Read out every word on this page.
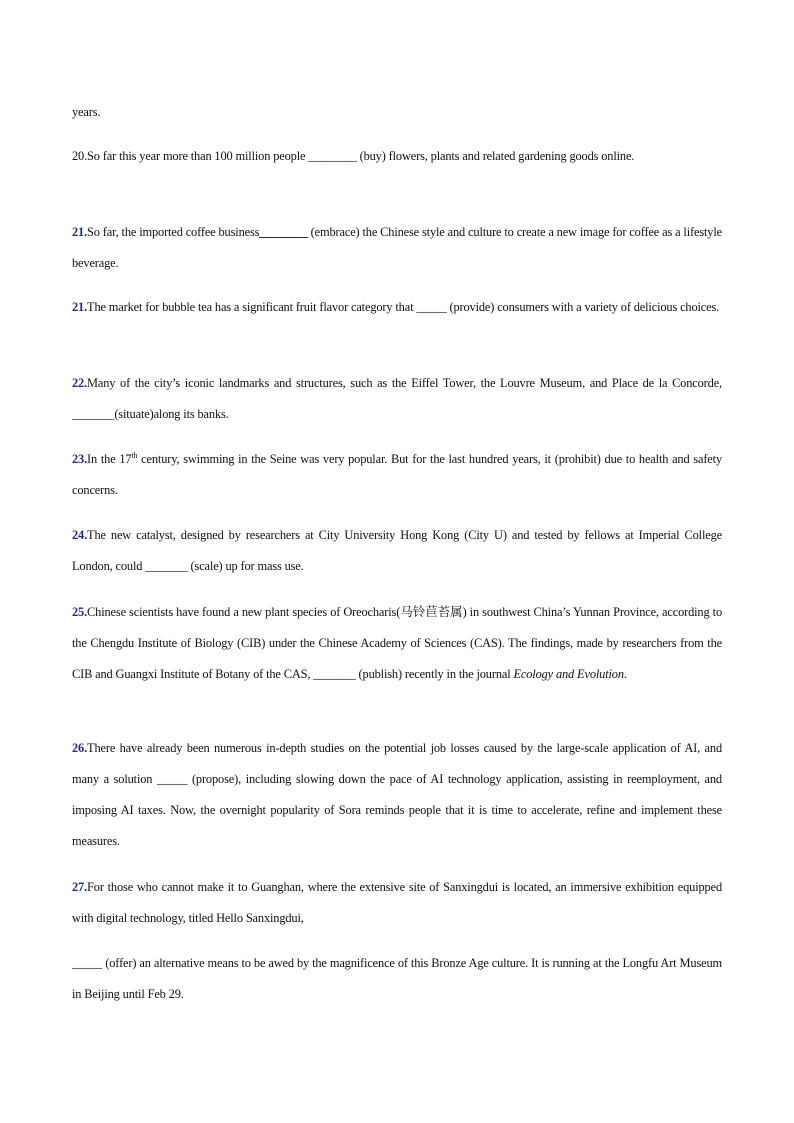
years.
20.So far this year more than 100 million people ________ (buy) flowers, plants and related gardening goods online.
21.So far, the imported coffee business________ (embrace) the Chinese style and culture to create a new image for coffee as a lifestyle beverage.
21.The market for bubble tea has a significant fruit flavor category that _____ (provide) consumers with a variety of delicious choices.
22.Many of the city’s iconic landmarks and structures, such as the Eiffel Tower, the Louvre Museum, and Place de la Concorde, _______(situate)along its banks.
23.In the 17th century, swimming in the Seine was very popular. But for the last hundred years, it (prohibit) due to health and safety concerns.
24.The new catalyst, designed by researchers at City University Hong Kong (City U) and tested by fellows at Imperial College London, could _______ (scale) up for mass use.
25.Chinese scientists have found a new plant species of Oreocharis(马铃苣苔属) in southwest China’s Yunnan Province, according to the Chengdu Institute of Biology (CIB) under the Chinese Academy of Sciences (CAS). The findings, made by researchers from the CIB and Guangxi Institute of Botany of the CAS, _______ (publish) recently in the journal Ecology and Evolution.
26.There have already been numerous in-depth studies on the potential job losses caused by the large-scale application of AI, and many a solution _____ (propose), including slowing down the pace of AI technology application, assisting in reemployment, and imposing AI taxes. Now, the overnight popularity of Sora reminds people that it is time to accelerate, refine and implement these measures.
27.For those who cannot make it to Guanghan, where the extensive site of Sanxingdui is located, an immersive exhibition equipped with digital technology, titled Hello Sanxingdui,
_____ (offer) an alternative means to be awed by the magnificence of this Bronze Age culture. It is running at the Longfu Art Museum in Beijing until Feb 29.
